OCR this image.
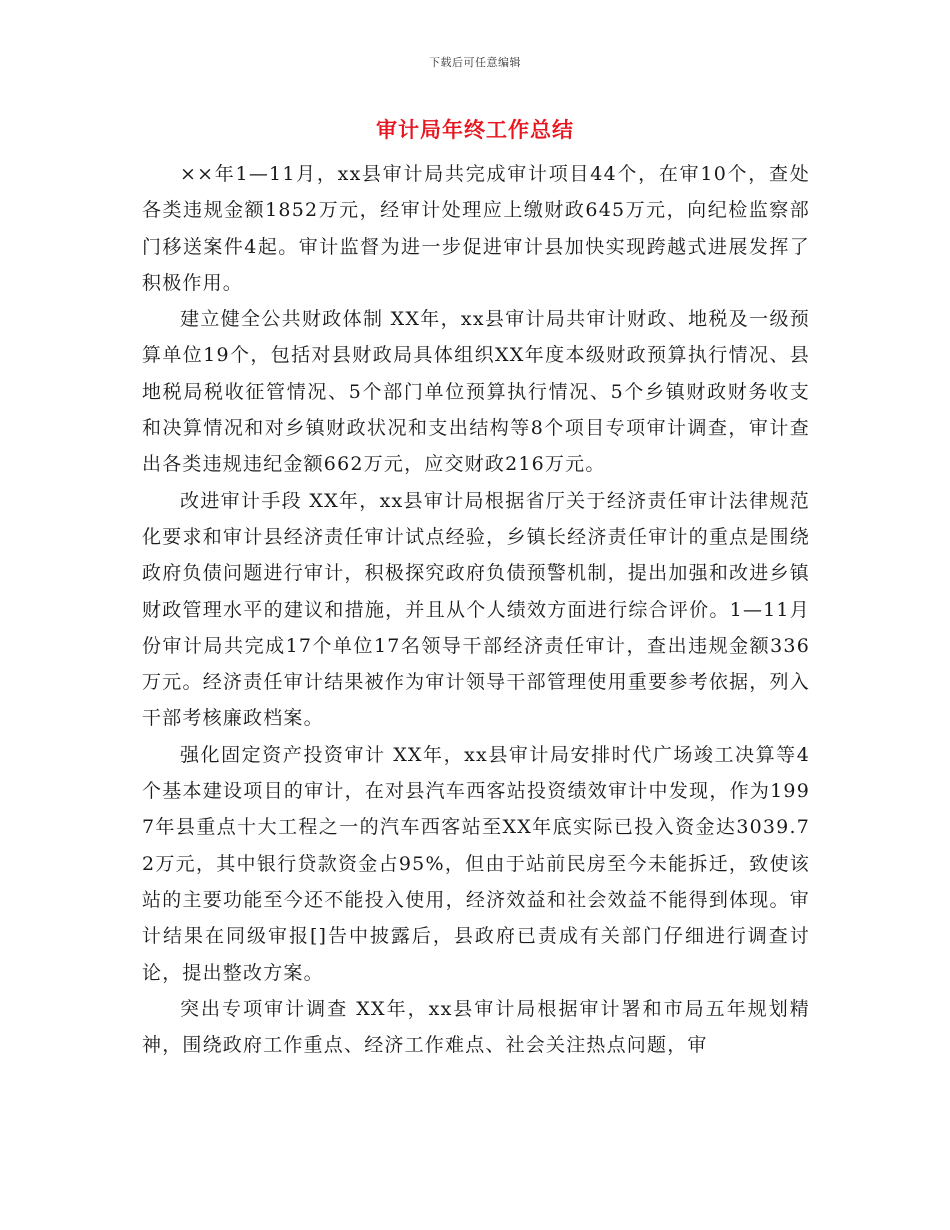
下载后可任意编辑
审计局年终工作总结

××年1—11月，xx县审计局共完成审计项目44个，在审10个，查处各类违规金额1852万元，经审计处理应上缴财政645万元，向纪检监察部门移送案件4起。审计监督为进一步促进审计县加快实现跨越式进展发挥了积极作用。

建立健全公共财政体制 XX年，xx县审计局共审计财政、地税及一级预算单位19个，包括对县财政局具体组织XX年度本级财政预算执行情况、县地税局税收征管情况、5个部门单位预算执行情况、5个乡镇财政财务收支和决算情况和对乡镇财政状况和支出结构等8个项目专项审计调查，审计查出各类违规违纪金额662万元，应交财政216万元。

改进审计手段 XX年，xx县审计局根据省厅关于经济责任审计法律规范化要求和审计县经济责任审计试点经验，乡镇长经济责任审计的重点是围绕政府负债问题进行审计，积极探究政府负债预警机制，提出加强和改进乡镇财政管理水平的建议和措施，并且从个人绩效方面进行综合评价。1—11月份审计局共完成17个单位17名领导干部经济责任审计，查出违规金额336万元。经济责任审计结果被作为审计领导干部管理使用重要参考依据，列入干部考核廉政档案。

强化固定资产投资审计 XX年，xx县审计局安排时代广场竣工决算等4个基本建设项目的审计，在对县汽车西客站投资绩效审计中发现，作为1997年县重点十大工程之一的汽车西客站至XX年底实际已投入资金达3039.72万元，其中银行贷款资金占95%，但由于站前民房至今未能拆迁，致使该站的主要功能至今还不能投入使用，经济效益和社会效益不能得到体现。审计结果在同级审报[]告中披露后，县政府已责成有关部门仔细进行调查讨论，提出整改方案。

突出专项审计调查 XX年，xx县审计局根据审计署和市局五年规划精神，围绕政府工作重点、经济工作难点、社会关注热点问题，审
